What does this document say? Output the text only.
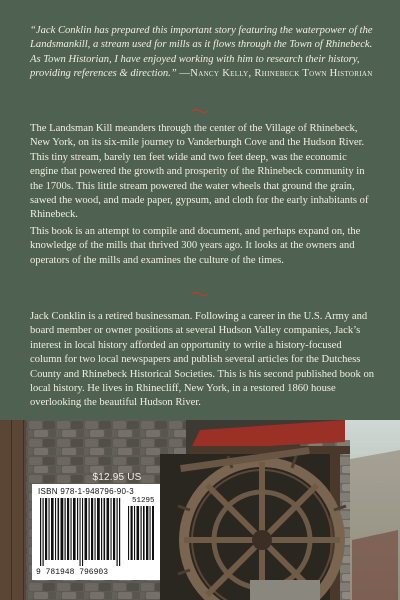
“Jack Conklin has prepared this important story featuring the waterpower of the Landsmankill, a stream used for mills as it flows through the Town of Rhinebeck. As Town Historian, I have enjoyed working with him to research their history, providing references & direction.” —Nancy Kelly, Rhinebeck Town Historian

The Landsman Kill meanders through the center of the Village of Rhinebeck, New York, on its six-mile journey to Vanderburgh Cove and the Hudson River. This tiny stream, barely ten feet wide and two feet deep, was the economic engine that powered the growth and prosperity of the Rhinebeck community in the 1700s. This little stream powered the water wheels that ground the grain, sawed the wood, and made paper, gypsum, and cloth for the early inhabitants of Rhinebeck.

This book is an attempt to compile and document, and perhaps expand on, the knowledge of the mills that thrived 300 years ago. It looks at the owners and operators of the mills and examines the culture of the times.

Jack Conklin is a retired businessman. Following a career in the U.S. Army and board member or owner positions at several Hudson Valley companies, Jack’s interest in local history afforded an opportunity to write a history-focused column for two local newspapers and publish several articles for the Dutchess County and Rhinebeck Historical Societies. This is his second published book on local history. He lives in Rhinecliff, New York, in a restored 1860 house overlooking the beautiful Hudson River.

$12.95 US
ISBN 978-1-948796-90-3
51295
9 781948 796903
